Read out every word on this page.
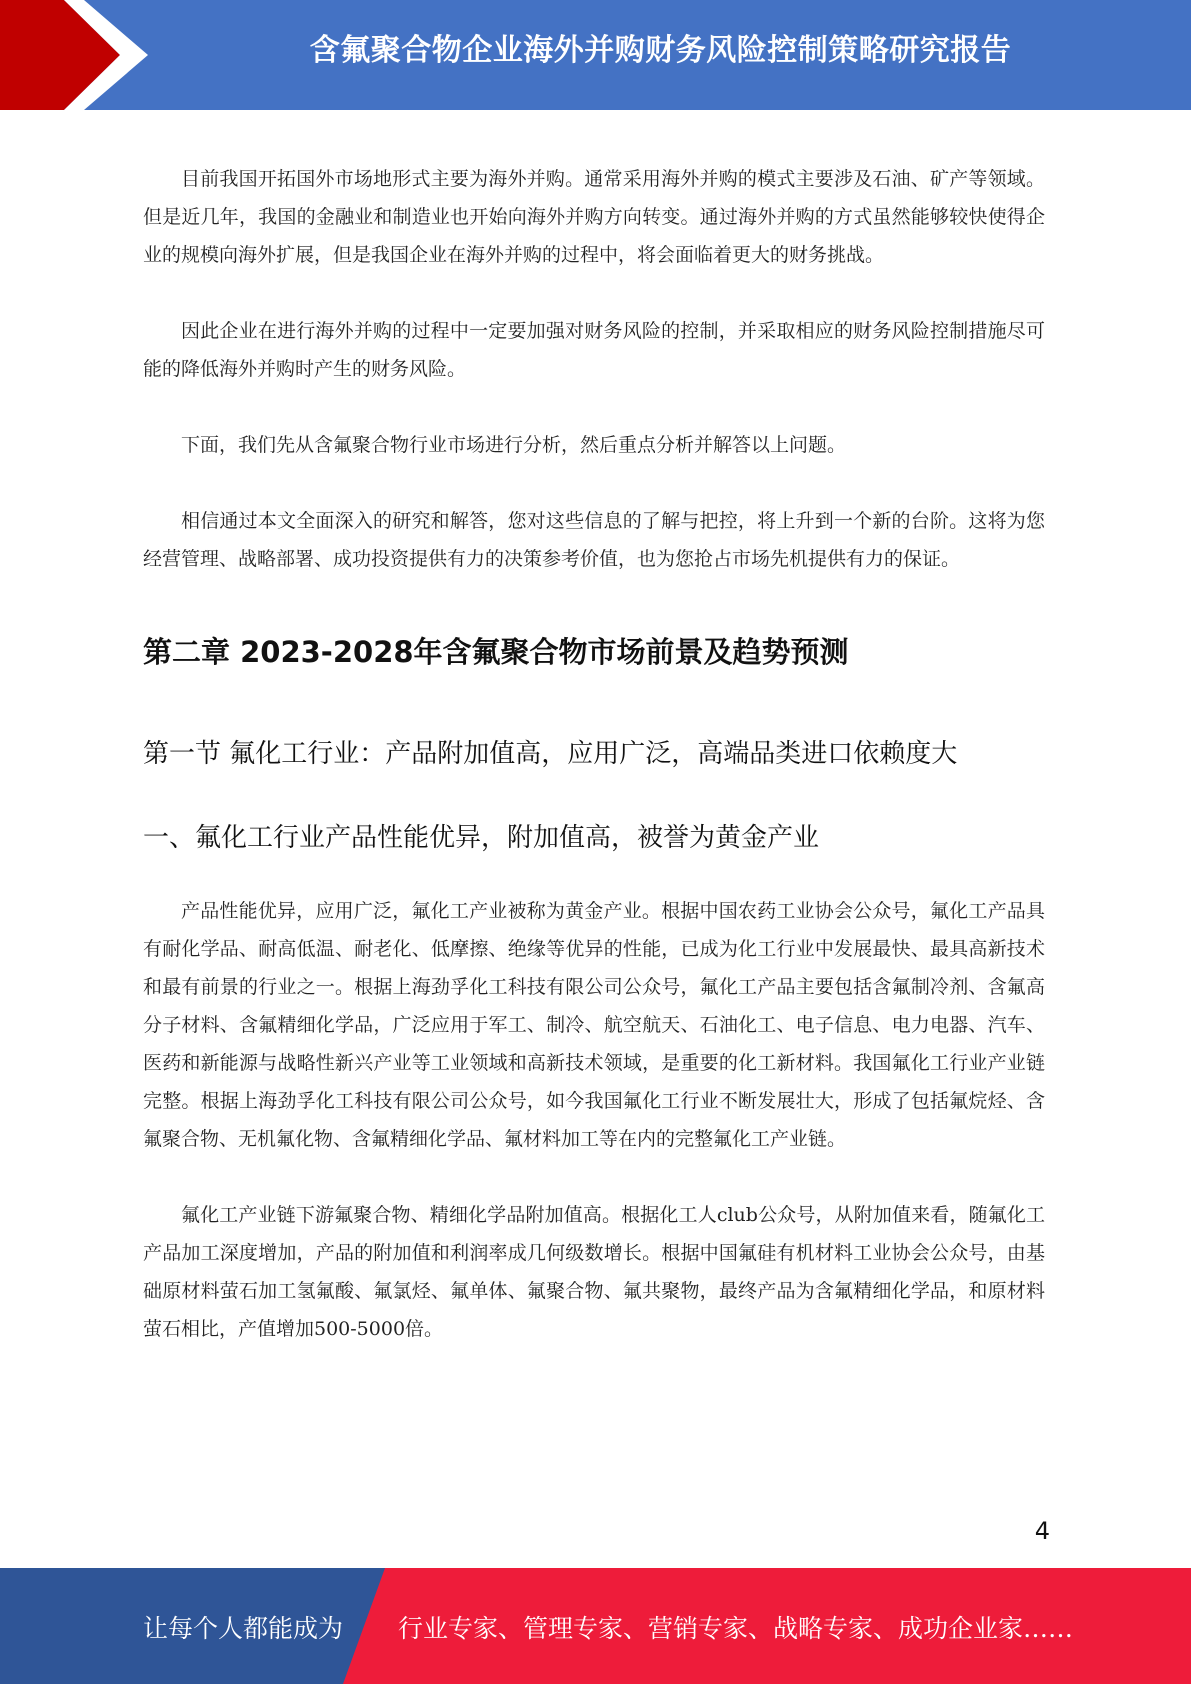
含氟聚合物企业海外并购财务风险控制策略研究报告

目前我国开拓国外市场地形式主要为海外并购。通常采用海外并购的模式主要涉及石油、矿产等领域。但是近几年，我国的金融业和制造业也开始向海外并购方向转变。通过海外并购的方式虽然能够较快使得企业的规模向海外扩展，但是我国企业在海外并购的过程中，将会面临着更大的财务挑战。

因此企业在进行海外并购的过程中一定要加强对财务风险的控制，并采取相应的财务风险控制措施尽可能的降低海外并购时产生的财务风险。

下面，我们先从含氟聚合物行业市场进行分析，然后重点分析并解答以上问题。

相信通过本文全面深入的研究和解答，您对这些信息的了解与把控，将上升到一个新的台阶。这将为您经营管理、战略部署、成功投资提供有力的决策参考价值，也为您抢占市场先机提供有力的保证。

第二章 2023-2028年含氟聚合物市场前景及趋势预测
第一节 氟化工行业：产品附加值高，应用广泛，高端品类进口依赖度大
一、氟化工行业产品性能优异，附加值高，被誉为黄金产业

产品性能优异，应用广泛，氟化工产业被称为黄金产业。根据中国农药工业协会公众号，氟化工产品具有耐化学品、耐高低温、耐老化、低摩擦、绝缘等优异的性能，已成为化工行业中发展最快、最具高新技术和最有前景的行业之一。根据上海劲孚化工科技有限公司公众号，氟化工产品主要包括含氟制冷剂、含氟高分子材料、含氟精细化学品，广泛应用于军工、制冷、航空航天、石油化工、电子信息、电力电器、汽车、医药和新能源与战略性新兴产业等工业领域和高新技术领域，是重要的化工新材料。我国氟化工行业产业链完整。根据上海劲孚化工科技有限公司公众号，如今我国氟化工行业不断发展壮大，形成了包括氟烷烃、含氟聚合物、无机氟化物、含氟精细化学品、氟材料加工等在内的完整氟化工产业链。

氟化工产业链下游氟聚合物、精细化学品附加值高。根据化工人club公众号，从附加值来看，随氟化工产品加工深度增加，产品的附加值和利润率成几何级数增长。根据中国氟硅有机材料工业协会公众号，由基础原材料萤石加工氢氟酸、氟氯烃、氟单体、氟聚合物、氟共聚物，最终产品为含氟精细化学品，和原材料萤石相比，产值增加500-5000倍。

4
让每个人都能成为 行业专家、管理专家、营销专家、战略专家、成功企业家……
